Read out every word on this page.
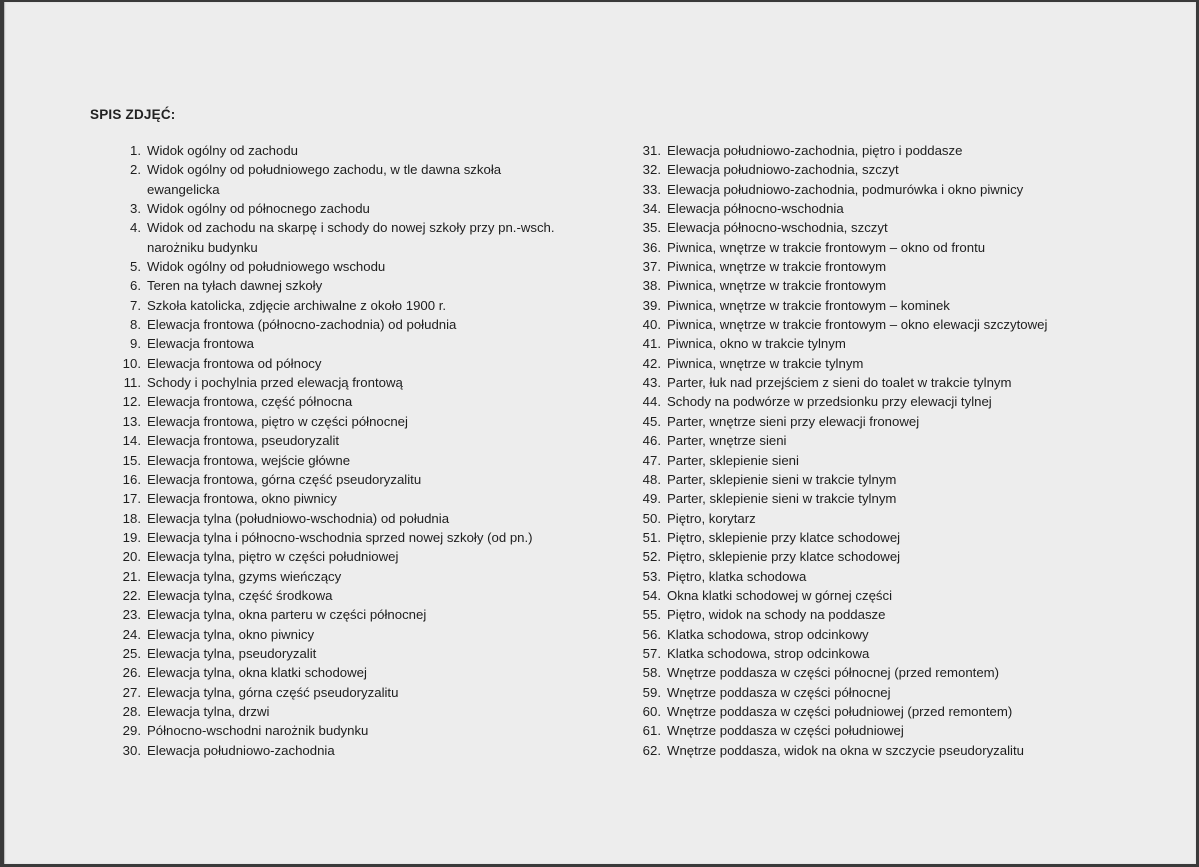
SPIS ZDJĘĆ:
1. Widok ogólny od zachodu
2. Widok ogólny od południowego zachodu, w tle dawna szkoła ewangelicka
3. Widok ogólny od północnego zachodu
4. Widok od zachodu na skarpę i schody do nowej szkoły przy pn.-wsch. narożniku budynku
5. Widok ogólny od południowego wschodu
6. Teren na tyłach dawnej szkoły
7. Szkoła katolicka, zdjęcie archiwalne z około 1900 r.
8. Elewacja frontowa (północno-zachodnia) od południa
9. Elewacja frontowa
10. Elewacja frontowa od północy
11. Schody i pochylnia przed elewacją frontową
12. Elewacja frontowa, część północna
13. Elewacja frontowa, piętro w części północnej
14. Elewacja frontowa, pseudoryzalit
15. Elewacja frontowa, wejście główne
16. Elewacja frontowa, górna część pseudoryzalitu
17. Elewacja frontowa, okno piwnicy
18. Elewacja tylna (południowo-wschodnia) od południa
19. Elewacja tylna i północno-wschodnia sprzed nowej szkoły (od pn.)
20. Elewacja tylna, piętro w części południowej
21. Elewacja tylna, gzyms wieńczący
22. Elewacja tylna, część środkowa
23. Elewacja tylna, okna parteru w części północnej
24. Elewacja tylna, okno piwnicy
25. Elewacja tylna, pseudoryzalit
26. Elewacja tylna, okna klatki schodowej
27. Elewacja tylna, górna część pseudoryzalitu
28. Elewacja tylna, drzwi
29. Północno-wschodni narożnik budynku
30. Elewacja południowo-zachodnia
31. Elewacja południowo-zachodnia, piętro i poddasze
32. Elewacja południowo-zachodnia, szczyt
33. Elewacja południowo-zachodnia, podmurówka i okno piwnicy
34. Elewacja północno-wschodnia
35. Elewacja północno-wschodnia, szczyt
36. Piwnica, wnętrze w trakcie frontowym – okno od frontu
37. Piwnica, wnętrze w trakcie frontowym
38. Piwnica, wnętrze w trakcie frontowym
39. Piwnica, wnętrze w trakcie frontowym – kominek
40. Piwnica, wnętrze w trakcie frontowym – okno elewacji szczytowej
41. Piwnica, okno w trakcie tylnym
42. Piwnica, wnętrze w trakcie tylnym
43. Parter, łuk nad przejściem z sieni do toalet w trakcie tylnym
44. Schody na podwórze w przedsionku przy elewacji tylnej
45. Parter, wnętrze sieni przy elewacji fronowej
46. Parter, wnętrze sieni
47. Parter, sklepienie sieni
48. Parter, sklepienie sieni w trakcie tylnym
49. Parter, sklepienie sieni w trakcie tylnym
50. Piętro, korytarz
51. Piętro, sklepienie przy klatce schodowej
52. Piętro, sklepienie przy klatce schodowej
53. Piętro, klatka schodowa
54. Okna klatki schodowej w górnej części
55. Piętro, widok na schody na poddasze
56. Klatka schodowa, strop odcinkowy
57. Klatka schodowa, strop odcinkowa
58. Wnętrze poddasza w części północnej (przed remontem)
59. Wnętrze poddasza w części północnej
60. Wnętrze poddasza w części południowej (przed remontem)
61. Wnętrze poddasza w części południowej
62. Wnętrze poddasza, widok na okna w szczycie pseudoryzalitu
